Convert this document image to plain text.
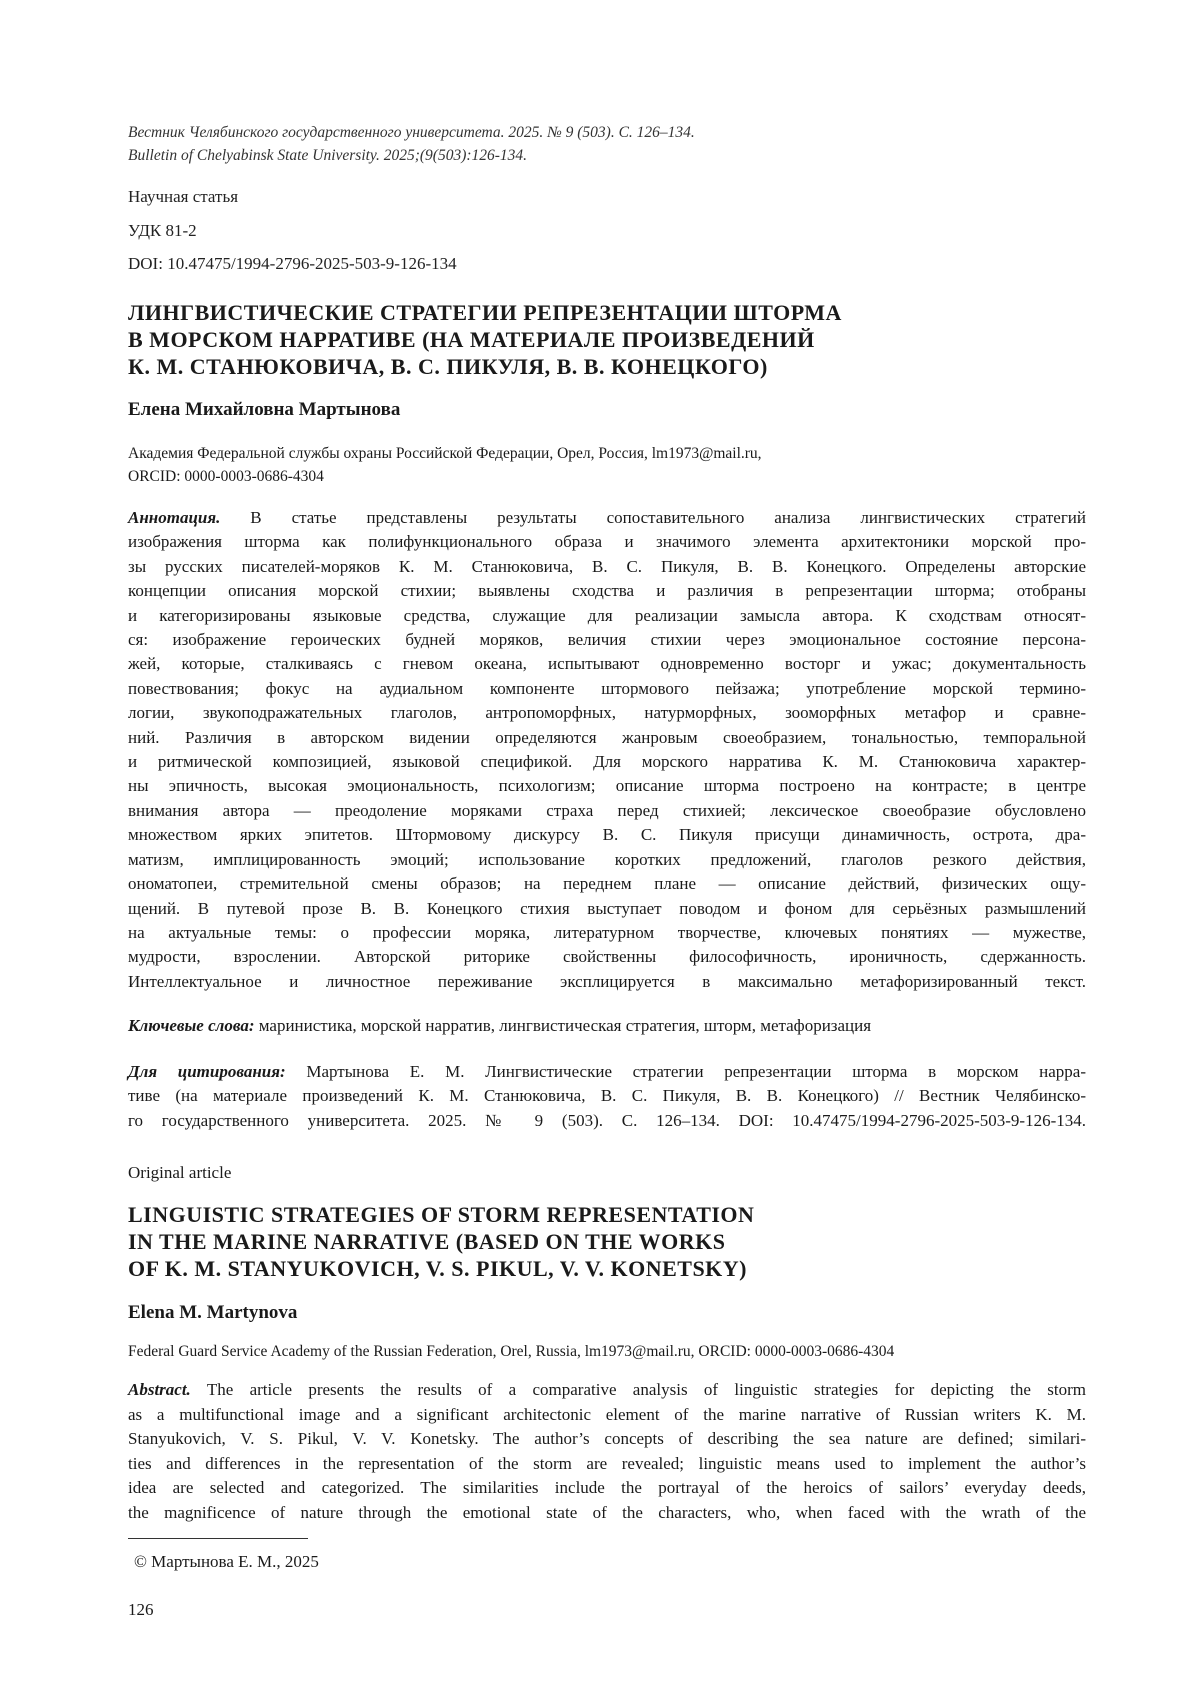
Вестник Челябинского государственного университета. 2025. № 9 (503). С. 126–134.
Bulletin of Chelyabinsk State University. 2025;(9(503):126-134.
Научная статья
УДК 81-2
DOI: 10.47475/1994-2796-2025-503-9-126-134
ЛИНГВИСТИЧЕСКИЕ СТРАТЕГИИ РЕПРЕЗЕНТАЦИИ ШТОРМА
В МОРСКОМ НАРРАТИВЕ (НА МАТЕРИАЛЕ ПРОИЗВЕДЕНИЙ
К. М. СТАНЮКОВИЧА, В. С. ПИКУЛЯ, В. В. КОНЕЦКОГО)
Елена Михайловна Мартынова
Академия Федеральной службы охраны Российской Федерации, Орел, Россия, lm1973@mail.ru,
ORCID: 0000-0003-0686-4304
Аннотация. В статье представлены результаты сопоставительного анализа лингвистических стратегий
изображения шторма как полифункционального образа и значимого элемента архитектоники морской про-
зы русских писателей-моряков К. М. Станюковича, В. С. Пикуля, В. В. Конецкого. Определены авторские
концепции описания морской стихии; выявлены сходства и различия в репрезентации шторма; отобраны
и категоризированы языковые средства, служащие для реализации замысла автора. К сходствам относят-
ся: изображение героических будней моряков, величия стихии через эмоциональное состояние персона-
жей, которые, сталкиваясь с гневом океана, испытывают одновременно восторг и ужас; документальность
повествования; фокус на аудиальном компоненте штормового пейзажа; употребление морской термино-
логии, звукоподражательных глаголов, антропоморфных, натурморфных, зооморфных метафор и сравне-
ний. Различия в авторском видении определяются жанровым своеобразием, тональностью, темпоральной
и ритмической композицией, языковой спецификой. Для морского нарратива К. М. Станюковича характер-
ны эпичность, высокая эмоциональность, психологизм; описание шторма построено на контрасте; в центре
внимания автора — преодоление моряками страха перед стихией; лексическое своеобразие обусловлено
множеством ярких эпитетов. Штормовому дискурсу В. С. Пикуля присущи динамичность, острота, дра-
матизм, имплицированность эмоций; использование коротких предложений, глаголов резкого действия,
ономатопеи, стремительной смены образов; на переднем плане — описание действий, физических ощу-
щений. В путевой прозе В. В. Конецкого стихия выступает поводом и фоном для серьёзных размышлений
на актуальные темы: о профессии моряка, литературном творчестве, ключевых понятиях — мужестве,
мудрости, взрослении. Авторской риторике свойственны философичность, ироничность, сдержанность.
Интеллектуальное и личностное переживание эксплицируется в максимально метафоризированный текст.
Ключевые слова: маринистика, морской нарратив, лингвистическая стратегия, шторм, метафоризация
Для цитирования: Мартынова Е. М. Лингвистические стратегии репрезентации шторма в морском нарра-
тиве (на материале произведений К. М. Станюковича, В. С. Пикуля, В. В. Конецкого) // Вестник Челябинско-
го государственного университета. 2025. № 9 (503). С. 126–134. DOI: 10.47475/1994-2796-2025-503-9-126-134.
Original article
LINGUISTIC STRATEGIES OF STORM REPRESENTATION
IN THE MARINE NARRATIVE (BASED ON THE WORKS
OF K. M. STANYUKOVICH, V. S. PIKUL, V. V. KONETSKY)
Elena M. Martynova
Federal Guard Service Academy of the Russian Federation, Orel, Russia, lm1973@mail.ru, ORCID: 0000-0003-0686-4304
Abstract. The article presents the results of a comparative analysis of linguistic strategies for depicting the storm
as a multifunctional image and a significant architectonic element of the marine narrative of Russian writers K. M.
Stanyukovich, V. S. Pikul, V. V. Konetsky. The author’s concepts of describing the sea nature are defined; similari-
ties and differences in the representation of the storm are revealed; linguistic means used to implement the author’s
idea are selected and categorized. The similarities include the portrayal of the heroics of sailors’ everyday deeds,
the magnificence of nature through the emotional state of the characters, who, when faced with the wrath of the
© Мартынова Е. М., 2025
126
